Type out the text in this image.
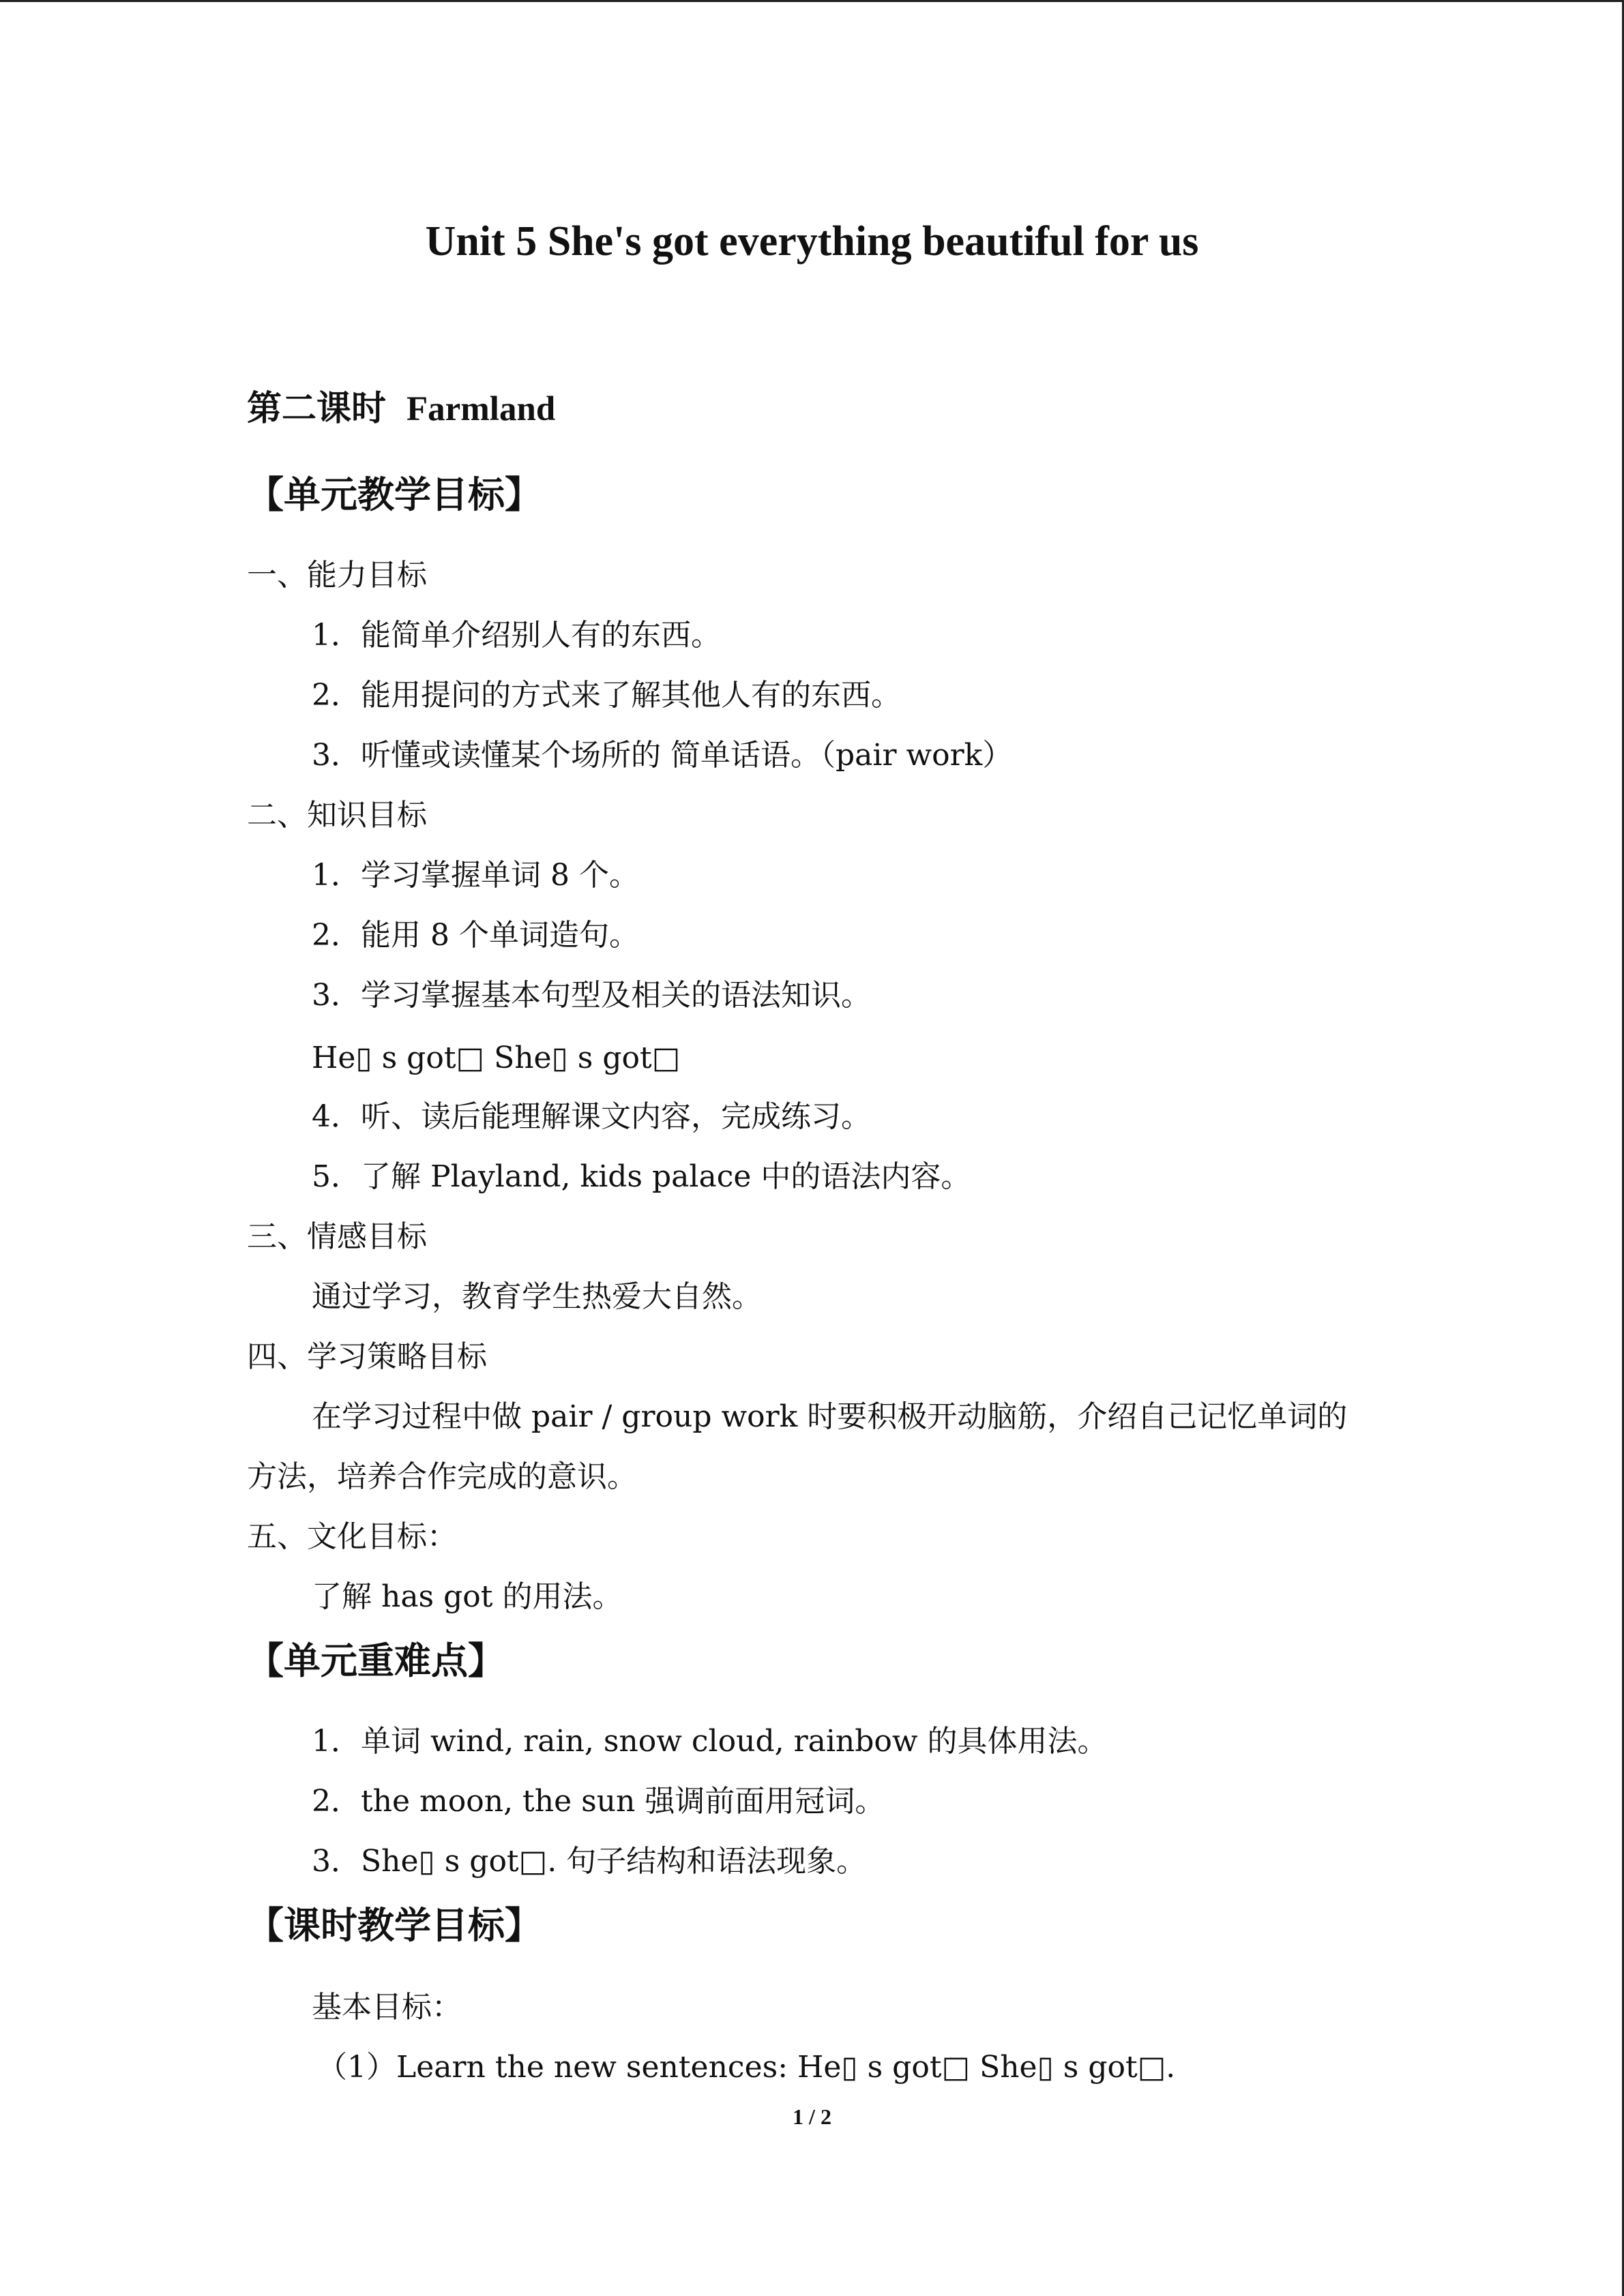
Unit 5 She's got everything beautiful for us
第二课时 Farmland
【单元教学目标】
一、能力目标
1．能简单介绍别人有的东西。
2．能用提问的方式来了解其他人有的东西。
3．听懂或读懂某个场所的 简单话语。（pair work）
二、知识目标
1．学习掌握单词 8 个。
2．能用 8 个单词造句。
3．学习掌握基本句型及相关的语法知识。
He▯ s got□ She▯ s got□
4．听、读后能理解课文内容，完成练习。
5．了解 Playland, kids palace 中的语法内容。
三、情感目标
通过学习，教育学生热爱大自然。
四、学习策略目标
在学习过程中做 pair / group work 时要积极开动脑筋，介绍自己记忆单词的
方法，培养合作完成的意识。
五、文化目标：
了解 has got 的用法。
【单元重难点】
1．单词 wind, rain, snow cloud, rainbow 的具体用法。
2．the moon, the sun 强调前面用冠词。
3．She▯ s got□. 句子结构和语法现象。
【课时教学目标】
基本目标：
（1）Learn the new sentences: He▯ s got□ She▯ s got□.
1 / 2
